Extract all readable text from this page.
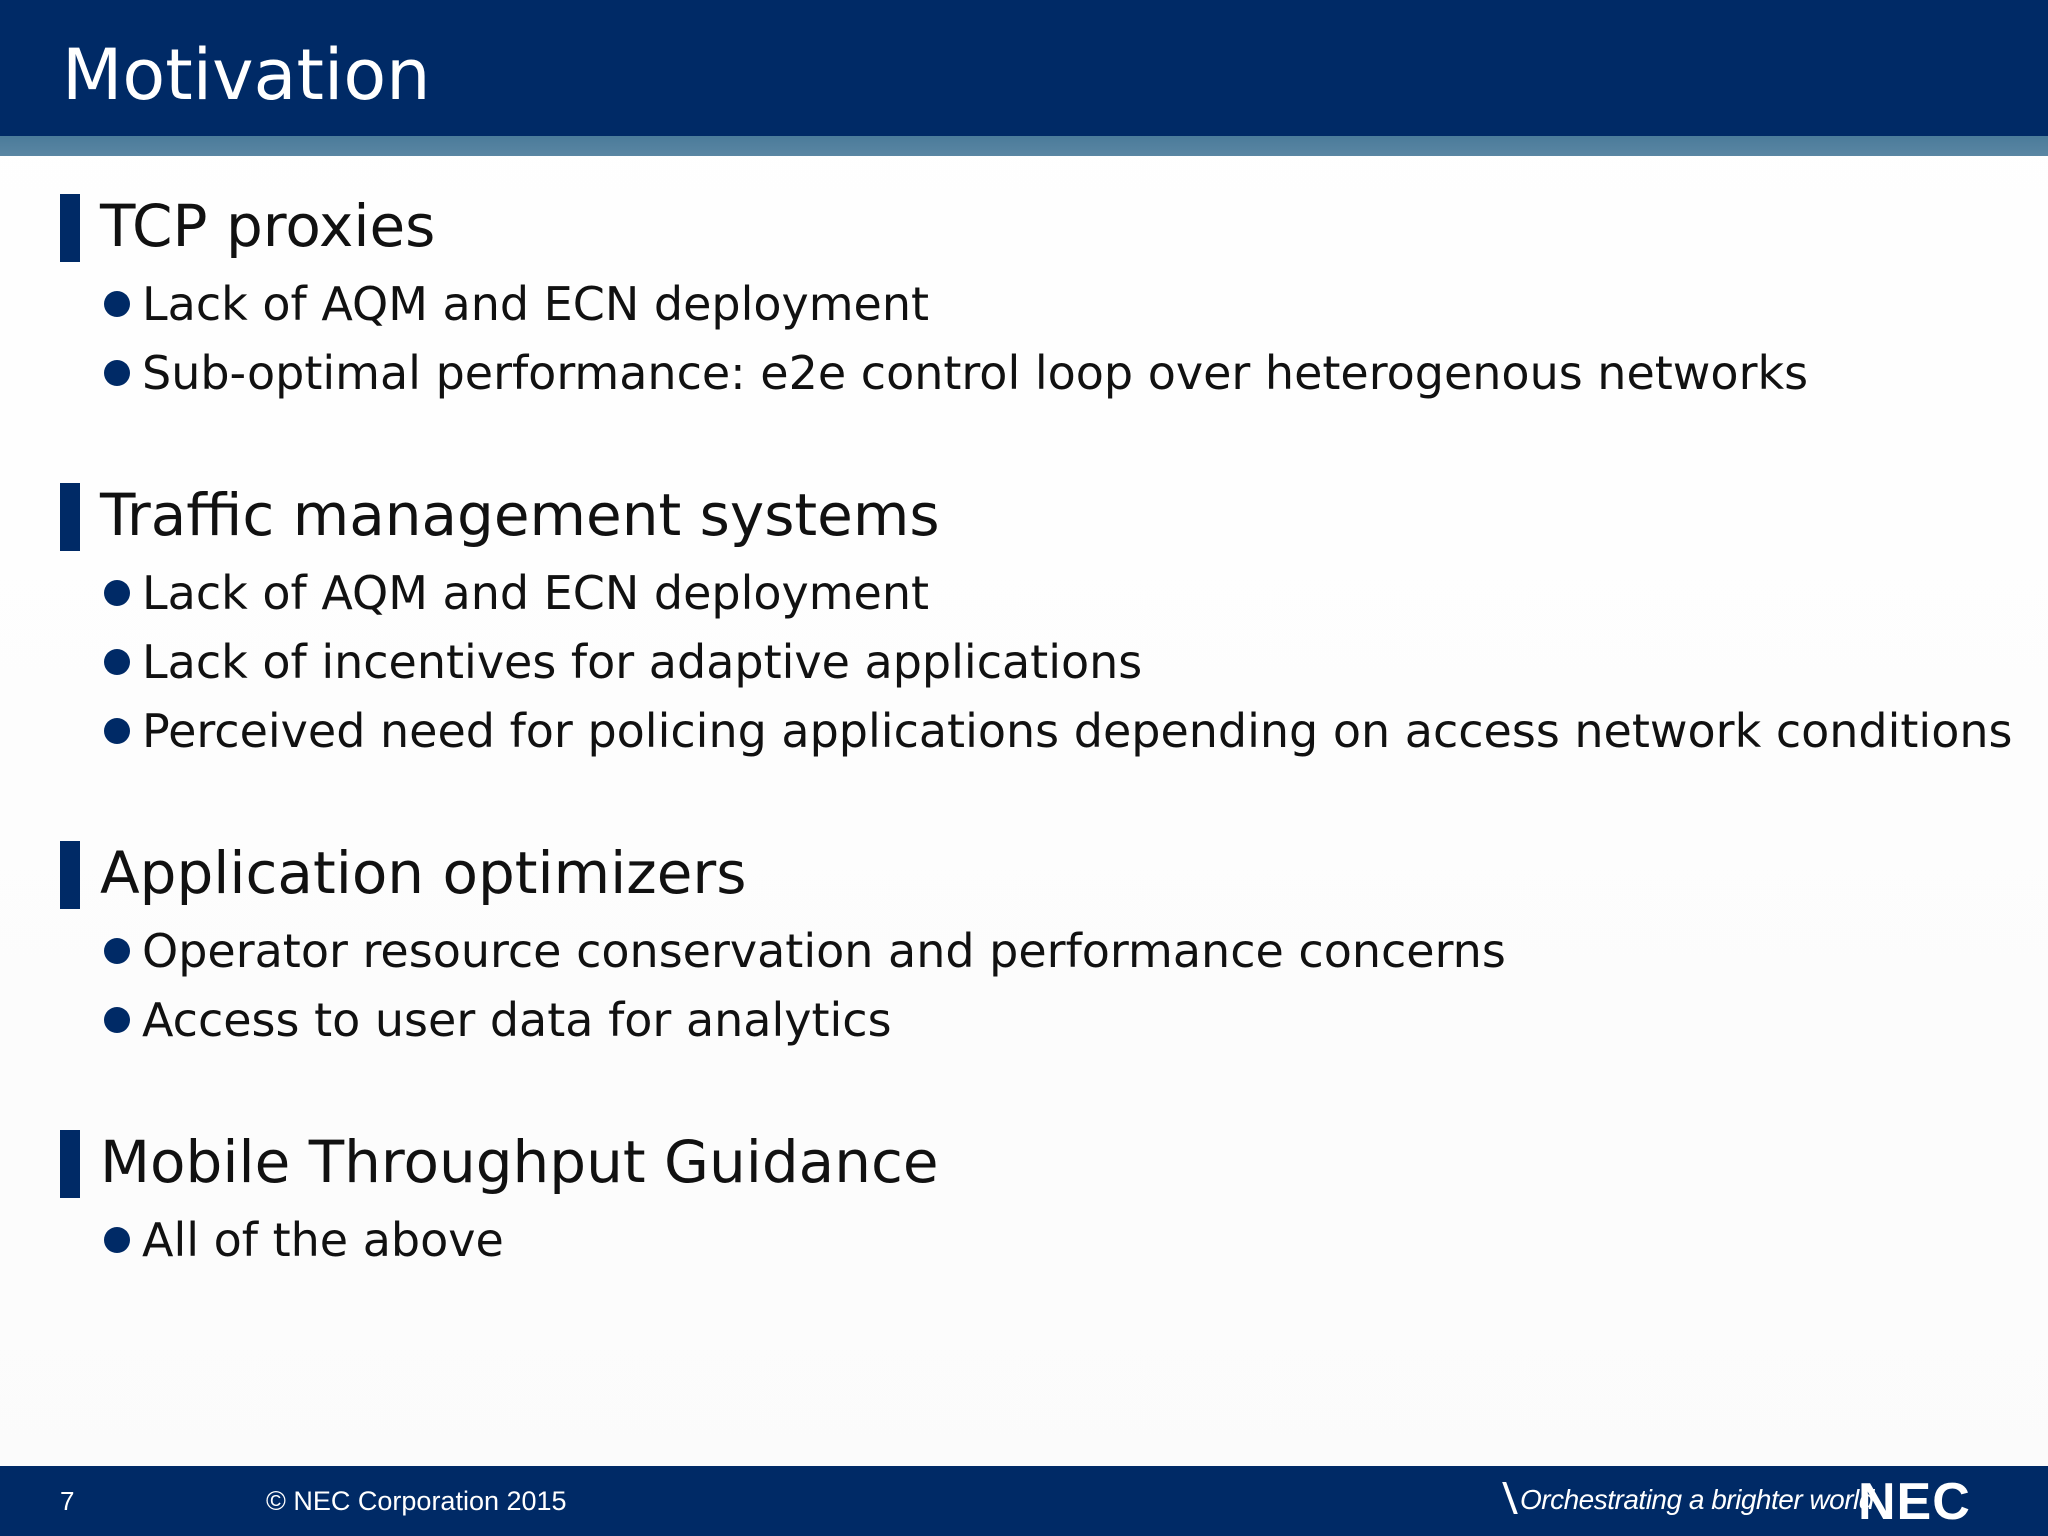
Motivation
TCP proxies
Lack of AQM and ECN deployment
Sub-optimal performance: e2e control loop over heterogenous networks
Traffic management systems
Lack of AQM and ECN deployment
Lack of incentives for adaptive applications
Perceived need for policing applications depending on access network conditions
Application optimizers
Operator resource conservation and performance concerns
Access to user data for analytics
Mobile Throughput Guidance
All of the above
7	© NEC Corporation 2015	Orchestrating a brighter world
NEC
